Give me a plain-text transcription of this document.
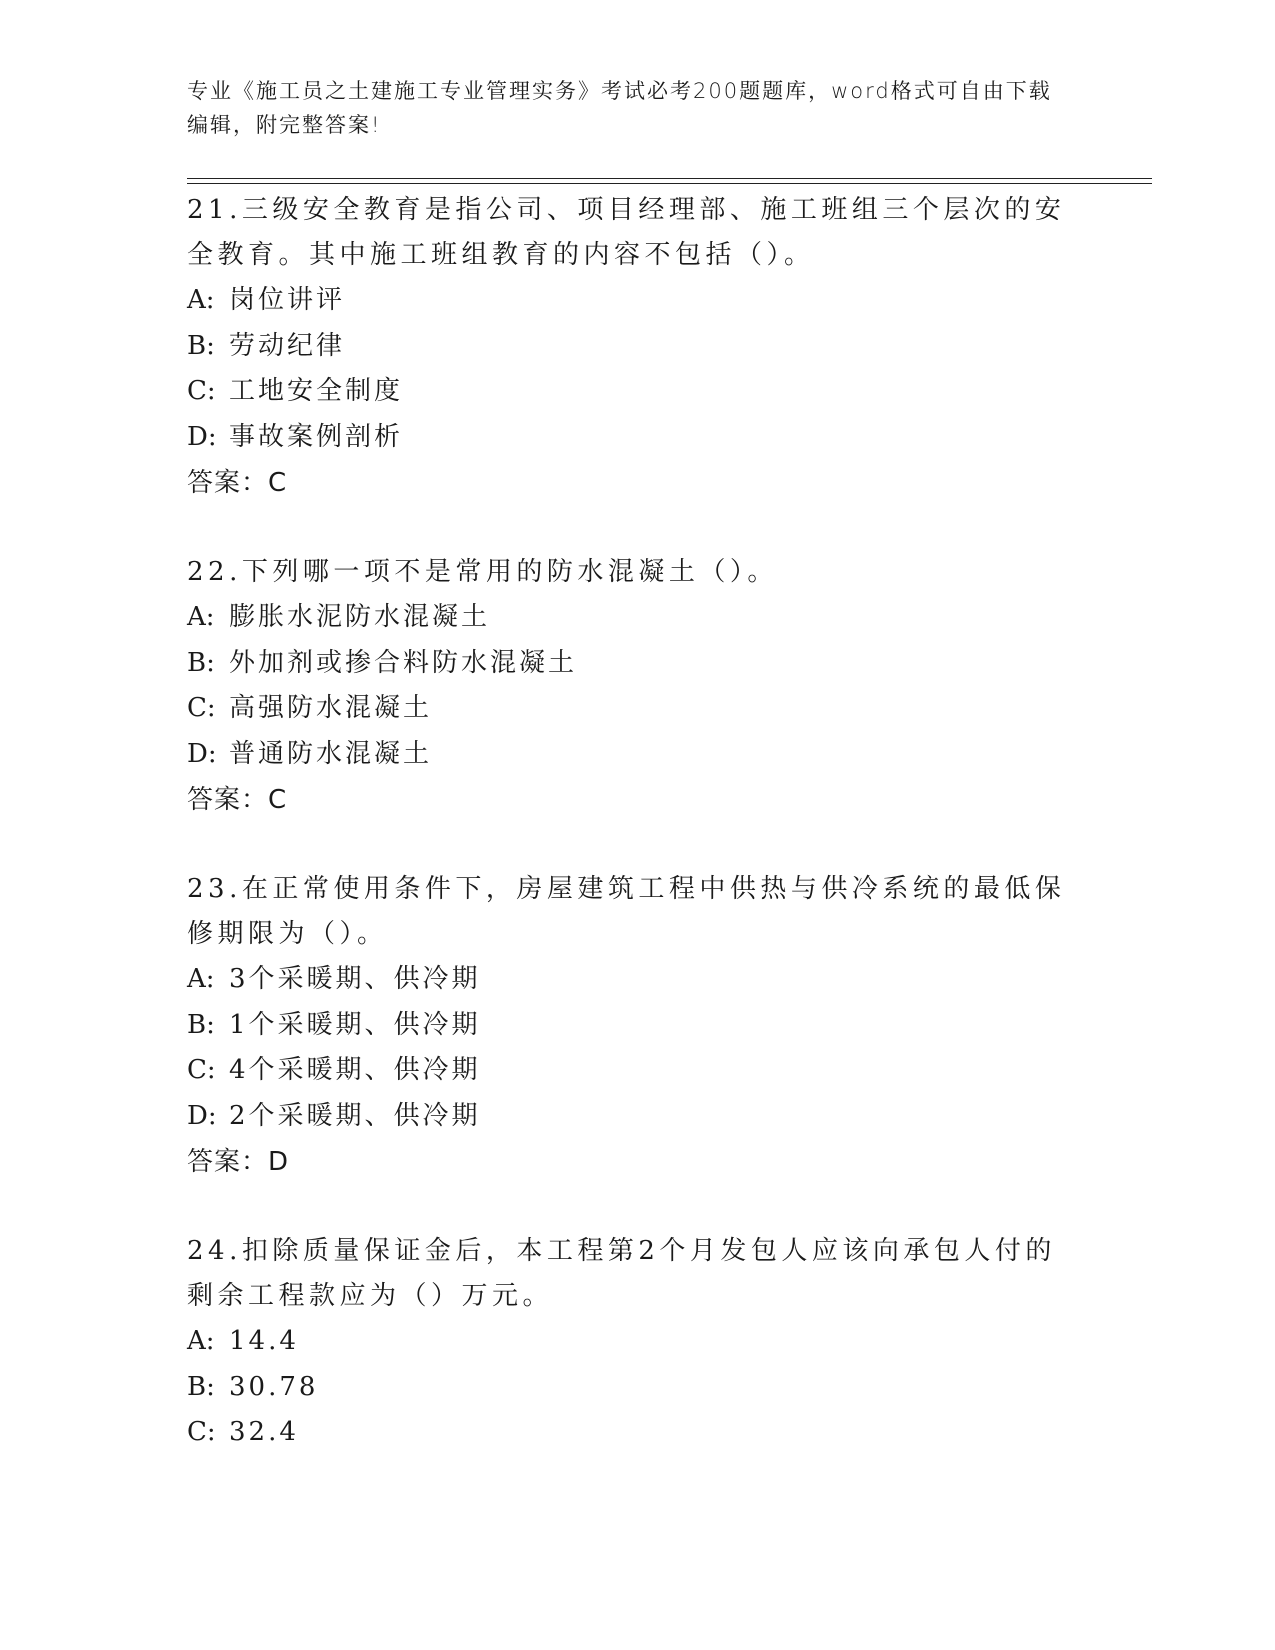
专业《施工员之土建施工专业管理实务》考试必考200题题库，word格式可自由下载编辑，附完整答案!

21.三级安全教育是指公司、项目经理部、施工班组三个层次的安全教育。其中施工班组教育的内容不包括（）。

A: 岗位讲评

B: 劳动纪律

C: 工地安全制度

D: 事故案例剖析

答案：C

22.下列哪一项不是常用的防水混凝土（）。

A: 膨胀水泥防水混凝土

B: 外加剂或掺合料防水混凝土

C: 高强防水混凝土

D: 普通防水混凝土

答案：C

23.在正常使用条件下，房屋建筑工程中供热与供冷系统的最低保修期限为（）。

A: 3个采暖期、供冷期

B: 1个采暖期、供冷期

C: 4个采暖期、供冷期

D: 2个采暖期、供冷期

答案：D

24.扣除质量保证金后，本工程第2个月发包人应该向承包人付的剩余工程款应为（）万元。

A: 14.4

B: 30.78

C: 32.4
